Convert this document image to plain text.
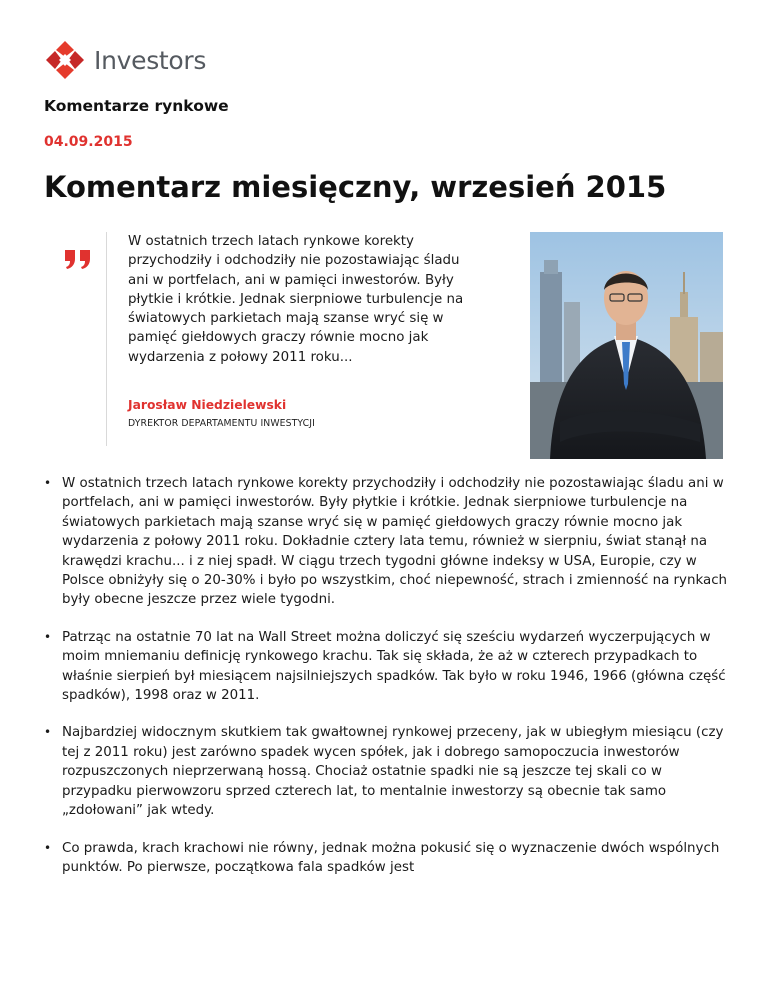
Investors
Komentarze rynkowe
04.09.2015
Komentarz miesięczny, wrzesień 2015
W ostatnich trzech latach rynkowe korekty przychodziły i odchodziły nie pozostawiając śladu ani w portfelach, ani w pamięci inwestorów. Były płytkie i krótkie. Jednak sierpniowe turbulencje na światowych parkietach mają szanse wryć się w pamięć giełdowych graczy równie mocno jak wydarzenia z połowy 2011 roku...
Jarosław Niedzielewski
DYREKTOR DEPARTAMENTU INWESTYCJI
• W ostatnich trzech latach rynkowe korekty przychodziły i odchodziły nie pozostawiając śladu ani w portfelach, ani w pamięci inwestorów. Były płytkie i krótkie. Jednak sierpniowe turbulencje na światowych parkietach mają szanse wryć się w pamięć giełdowych graczy równie mocno jak wydarzenia z połowy 2011 roku. Dokładnie cztery lata temu, również w sierpniu, świat stanął na krawędzi krachu... i z niej spadł. W ciągu trzech tygodni główne indeksy w USA, Europie, czy w Polsce obniżyły się o 20-30% i było po wszystkim, choć niepewność, strach i zmienność na rynkach były obecne jeszcze przez wiele tygodni.
• Patrząc na ostatnie 70 lat na Wall Street można doliczyć się sześciu wydarzeń wyczerpujących w moim mniemaniu definicję rynkowego krachu. Tak się składa, że aż w czterech przypadkach to właśnie sierpień był miesiącem najsilniejszych spadków. Tak było w roku 1946, 1966 (główna część spadków), 1998 oraz w 2011.
• Najbardziej widocznym skutkiem tak gwałtownej rynkowej przeceny, jak w ubiegłym miesiącu (czy tej z 2011 roku) jest zarówno spadek wycen spółek, jak i dobrego samopoczucia inwestorów rozpuszczonych nieprzerwaną hossą. Chociaż ostatnie spadki nie są jeszcze tej skali co w przypadku pierwowzoru sprzed czterech lat, to mentalnie inwestorzy są obecnie tak samo „zdołowani” jak wtedy.
• Co prawda, krach krachowi nie równy, jednak można pokusić się o wyznaczenie dwóch wspólnych punktów. Po pierwsze, początkowa fala spadków jest
